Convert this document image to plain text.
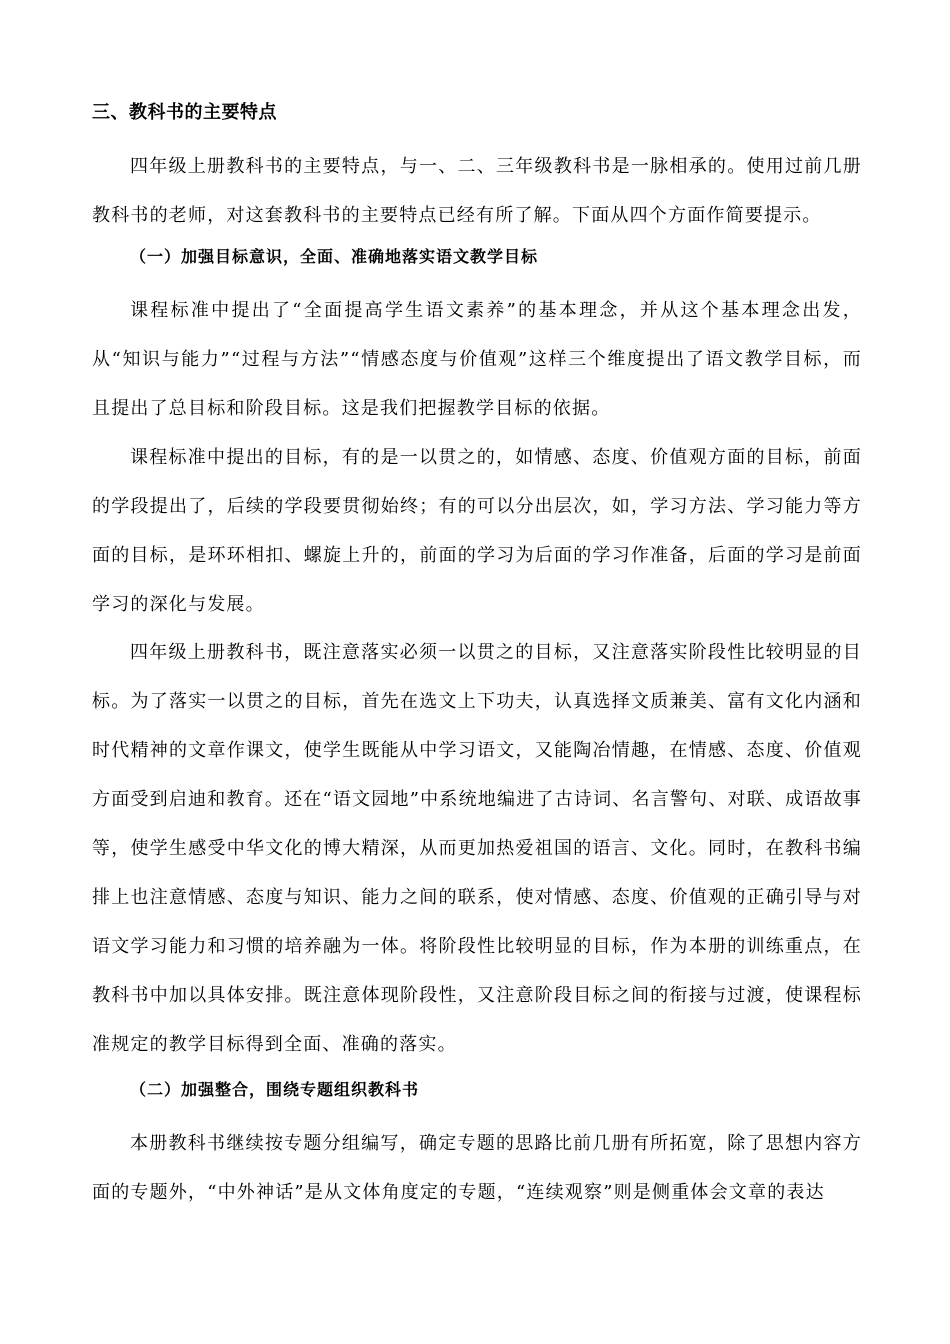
三、教科书的主要特点
四年级上册教科书的主要特点，与一、二、三年级教科书是一脉相承的。使用过前几册教科书的老师，对这套教科书的主要特点已经有所了解。下面从四个方面作简要提示。
（一）加强目标意识，全面、准确地落实语文教学目标
课程标准中提出了“全面提高学生语文素养”的基本理念，并从这个基本理念出发，从“知识与能力”“过程与方法”“情感态度与价值观”这样三个维度提出了语文教学目标，而且提出了总目标和阶段目标。这是我们把握教学目标的依据。
课程标准中提出的目标，有的是一以贯之的，如情感、态度、价值观方面的目标，前面的学段提出了，后续的学段要贯彻始终；有的可以分出层次，如，学习方法、学习能力等方面的目标，是环环相扣、螺旋上升的，前面的学习为后面的学习作准备，后面的学习是前面学习的深化与发展。
四年级上册教科书，既注意落实必须一以贯之的目标，又注意落实阶段性比较明显的目标。为了落实一以贯之的目标，首先在选文上下功夫，认真选择文质兼美、富有文化内涵和时代精神的文章作课文，使学生既能从中学习语文，又能陶冶情趣，在情感、态度、价值观方面受到启迪和教育。还在“语文园地”中系统地编进了古诗词、名言警句、对联、成语故事等，使学生感受中华文化的博大精深，从而更加热爱祖国的语言、文化。同时，在教科书编排上也注意情感、态度与知识、能力之间的联系，使对情感、态度、价值观的正确引导与对语文学习能力和习惯的培养融为一体。将阶段性比较明显的目标，作为本册的训练重点，在教科书中加以具体安排。既注意体现阶段性，又注意阶段目标之间的衔接与过渡，使课程标准规定的教学目标得到全面、准确的落实。
（二）加强整合，围绕专题组织教科书
本册教科书继续按专题分组编写，确定专题的思路比前几册有所拓宽，除了思想内容方面的专题外，“中外神话”是从文体角度定的专题，“连续观察”则是侧重体会文章的表达
